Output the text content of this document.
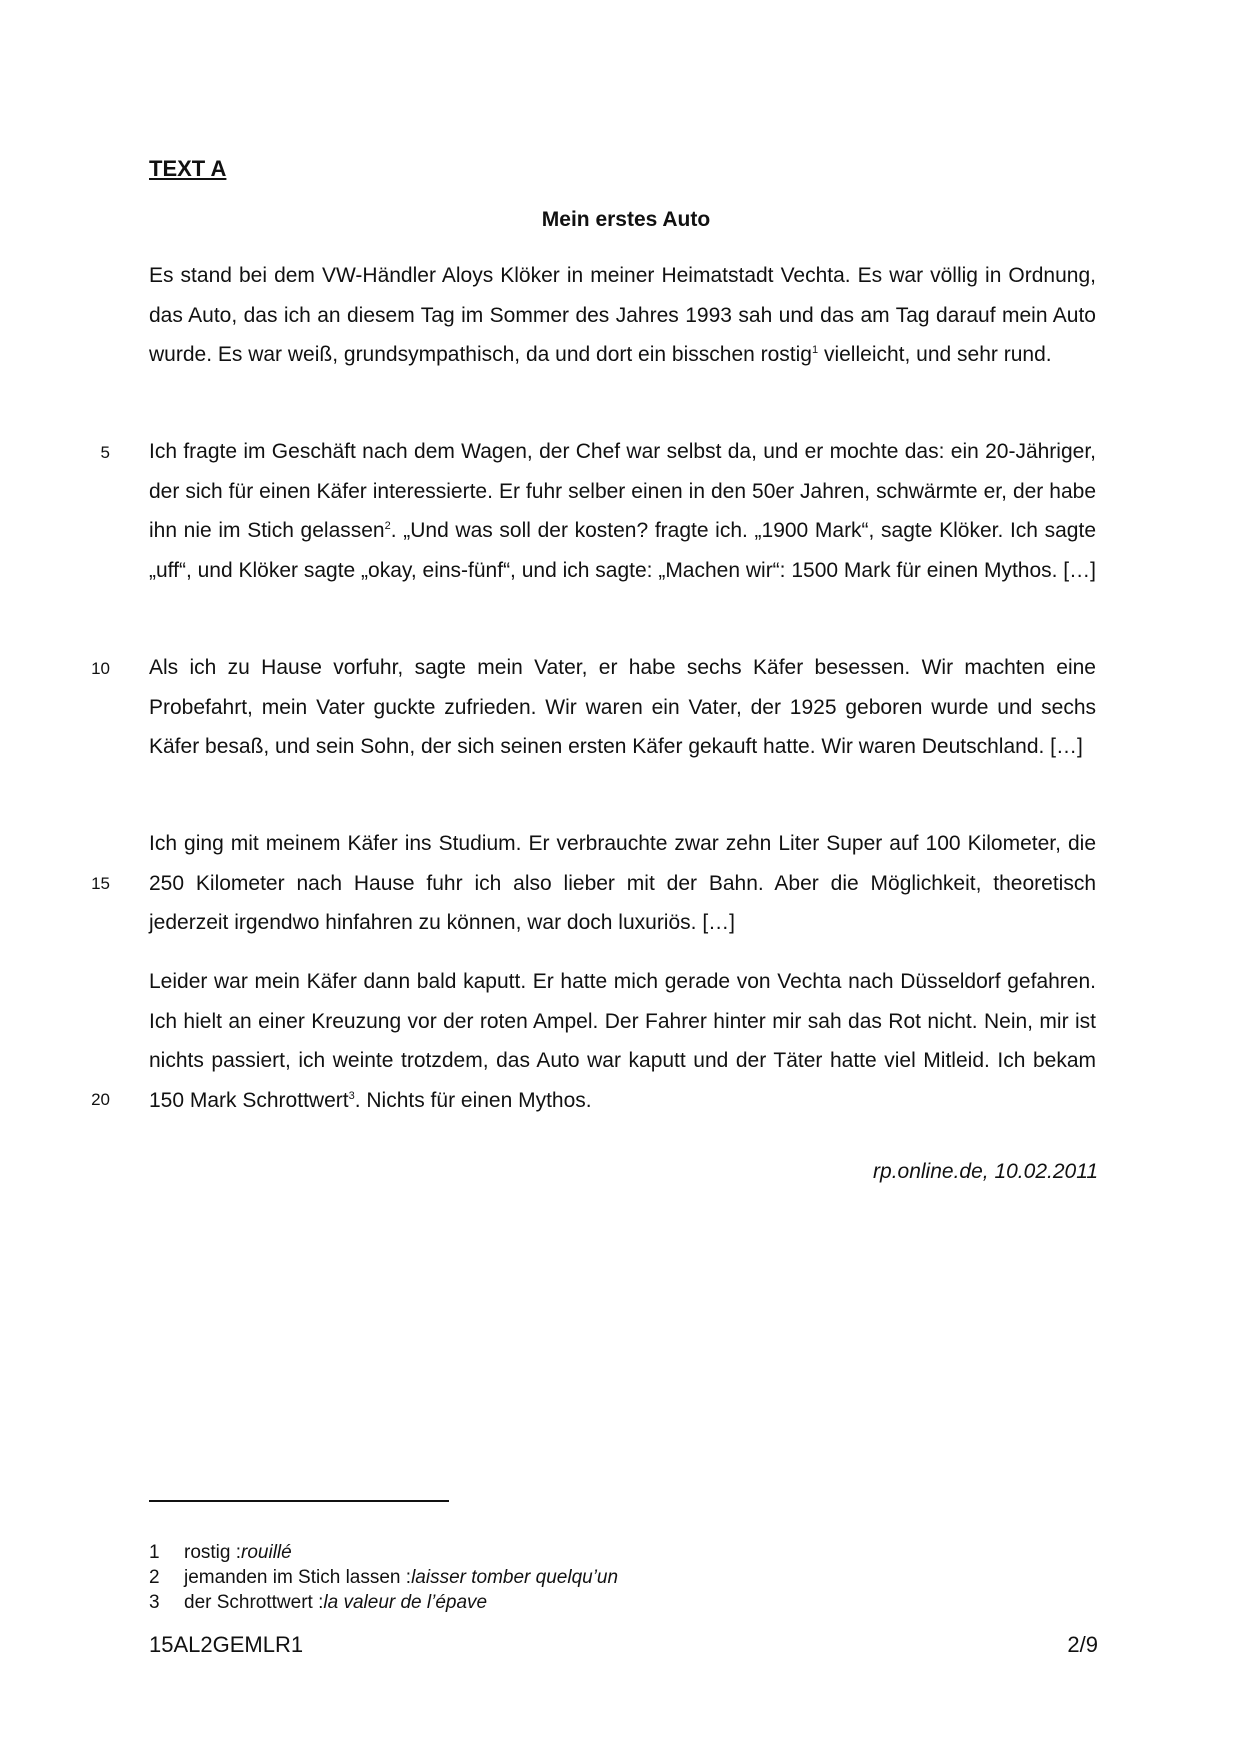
TEXT A
Mein erstes Auto

Es stand bei dem VW-Händler Aloys Klöker in meiner Heimatstadt Vechta. Es war völlig in Ordnung, das Auto, das ich an diesem Tag im Sommer des Jahres 1993 sah und das am Tag darauf mein Auto wurde. Es war weiß, grundsympathisch, da und dort ein bisschen rostig$^1$ vielleicht, und sehr rund.

Ich fragte im Geschäft nach dem Wagen, der Chef war selbst da, und er mochte das: ein 20-Jähriger, der sich für einen Käfer interessierte. Er fuhr selber einen in den 50er Jahren, schwärmte er, der habe ihn nie im Stich gelassen$^2$. „Und was soll der kosten? fragte ich. „1900 Mark“, sagte Klöker. Ich sagte „uff“, und Klöker sagte „okay, eins-fünf“, und ich sagte: „Machen wir“: 1500 Mark für einen Mythos. […]

Als ich zu Hause vorfuhr, sagte mein Vater, er habe sechs Käfer besessen. Wir machten eine Probefahrt, mein Vater guckte zufrieden. Wir waren ein Vater, der 1925 geboren wurde und sechs Käfer besaß, und sein Sohn, der sich seinen ersten Käfer gekauft hatte. Wir waren Deutschland. […]

Ich ging mit meinem Käfer ins Studium. Er verbrauchte zwar zehn Liter Super auf 100 Kilometer, die 250 Kilometer nach Hause fuhr ich also lieber mit der Bahn. Aber die Möglichkeit, theoretisch jederzeit irgendwo hinfahren zu können, war doch luxuriös. […]

Leider war mein Käfer dann bald kaputt. Er hatte mich gerade von Vechta nach Düsseldorf gefahren. Ich hielt an einer Kreuzung vor der roten Ampel. Der Fahrer hinter mir sah das Rot nicht. Nein, mir ist nichts passiert, ich weinte trotzdem, das Auto war kaputt und der Täter hatte viel Mitleid. Ich bekam 150 Mark Schrottwert$^3$. Nichts für einen Mythos.

5
10
15
20
rp.online.de, 10.02.2011
1	rostig : rouillé
2	jemanden im Stich lassen : laisser tomber quelqu’un
3	der Schrottwert : la valeur de l’épave
15AL2GEMLR1	2/9
